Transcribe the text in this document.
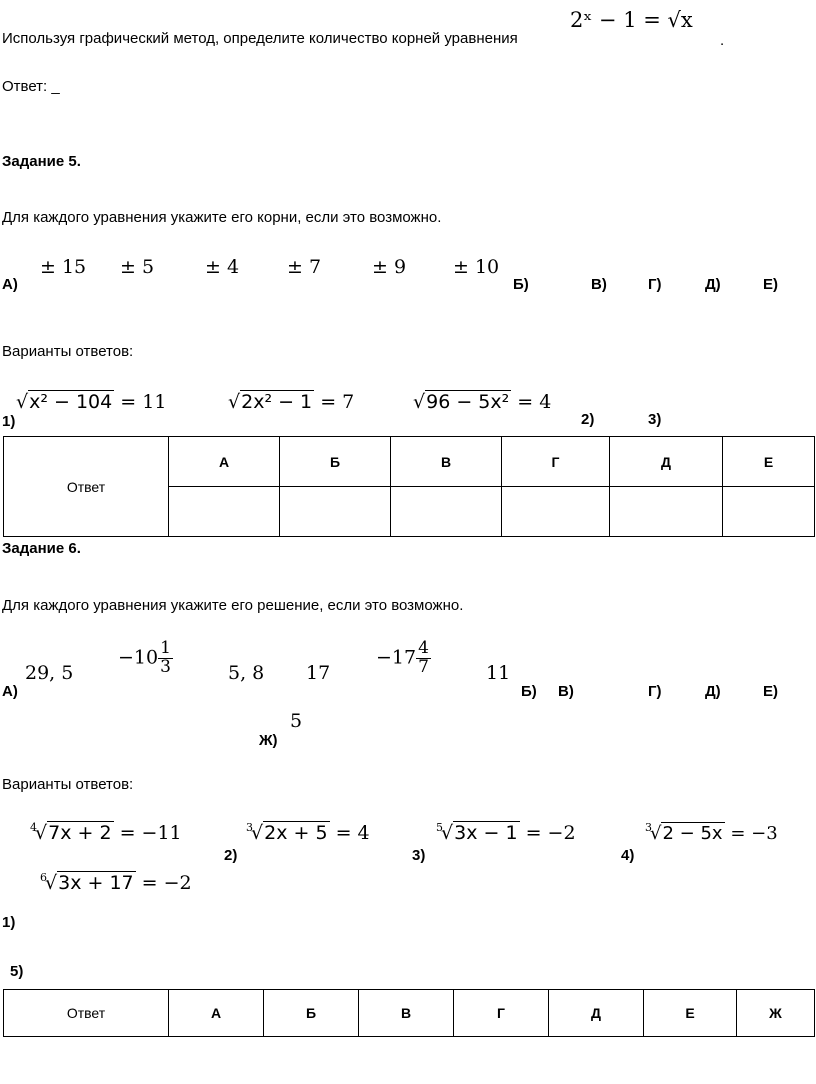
Используя графический метод, определите количество корней уравнения
2ˣ − 1 = √x
.
Ответ: _
Задание 5.
Для каждого уравнения укажите его корни, если это возможно.
А)
± 15 ± 5	± 4	± 7	± 9 ± 10
Б)	В)	Г)	Д)	Е)
Варианты ответов:
1)
√x² − 104 = 11	√2x² − 1 = 7	√96 − 5x² = 4
2)	3)
Ответ	А	Б	В	Г	Д	Е

Задание 6.
Для каждого уравнения укажите его решение, если это возможно.
А)
29, 5
$-10 \frac{1}{3}$	5, 8 17
$-17 \frac{4}{7}$	11
Б) В)	Г)	Д)	Е)
Ж)
5
Варианты ответов:
$^4$√7x + 2 = −11
2)
$^3$√2x + 5 = 4
3)
$^5$√3x − 1 = −2
4)
$^3$√2 − 5x = −3
$^6$√3x + 17 = −2
1)
5)
Ответ	А	Б	В	Г	Д	Е	Ж
